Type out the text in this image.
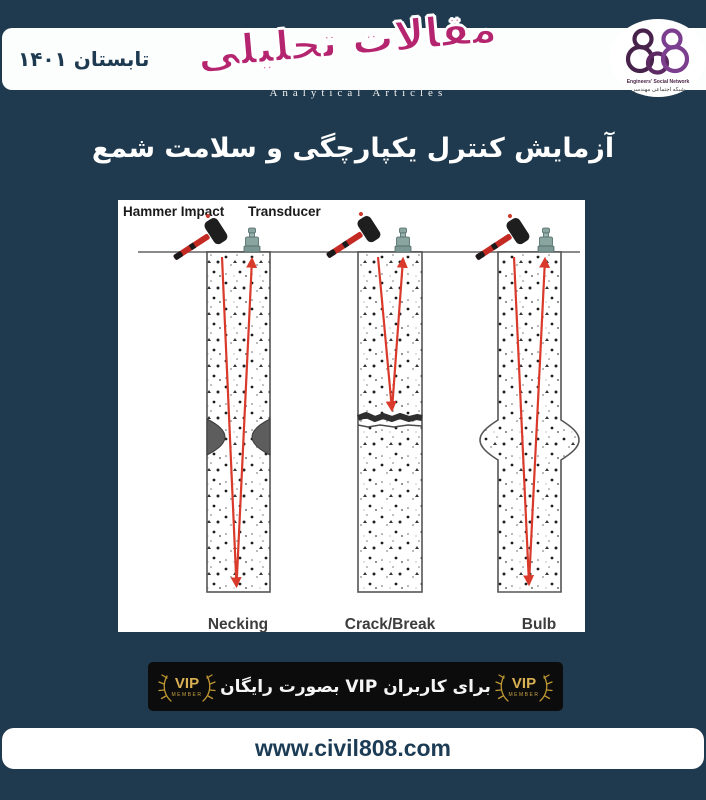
تابستان ۱۴۰۱ مقالات تحلیلی
Analytical Articles
Engineers' Social Network
شبکه اجتماعی مهندسی
آزمایش کنترل یکپارچگی و سلامت شمع
Hammer Impact Transducer
Necking	Crack/Break	Bulb
VIP
MEMBER برای کاربران VIP بصورت رایگان VIP
MEMBER
www.civil808.com
